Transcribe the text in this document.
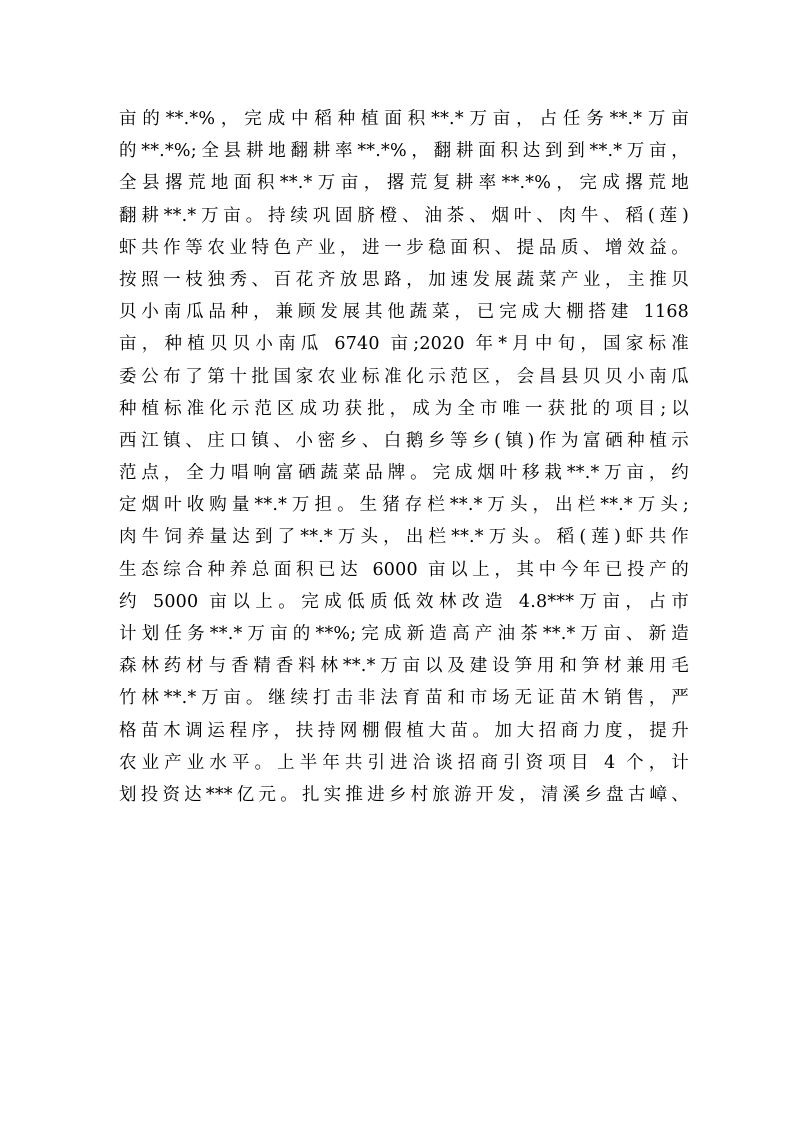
亩的**.*%，完成中稻种植面积**.*万亩，占任务**.*万亩
的**.*%;全县耕地翻耕率**.*%，翻耕面积达到到**.*万亩，
全县撂荒地面积**.*万亩，撂荒复耕率**.*%，完成撂荒地
翻耕**.*万亩。持续巩固脐橙、油茶、烟叶、肉牛、稻(莲)
虾共作等农业特色产业，进一步稳面积、提品质、增效益。
按照一枝独秀、百花齐放思路，加速发展蔬菜产业，主推贝
贝小南瓜品种，兼顾发展其他蔬菜，已完成大棚搭建 1168
亩，种植贝贝小南瓜 6740 亩;2020 年*月中旬，国家标准
委公布了第十批国家农业标准化示范区，会昌县贝贝小南瓜
种植标准化示范区成功获批，成为全市唯一获批的项目;以
西江镇、庄口镇、小密乡、白鹅乡等乡(镇)作为富硒种植示
范点，全力唱响富硒蔬菜品牌。完成烟叶移栽**.*万亩，约
定烟叶收购量**.*万担。生猪存栏**.*万头，出栏**.*万头;
肉牛饲养量达到了**.*万头，出栏**.*万头。稻(莲)虾共作
生态综合种养总面积已达 6000 亩以上，其中今年已投产的
约 5000 亩以上。完成低质低效林改造 4.8***万亩，占市
计划任务**.*万亩的**%;完成新造高产油茶**.*万亩、新造
森林药材与香精香料林**.*万亩以及建设笋用和笋材兼用毛
竹林**.*万亩。继续打击非法育苗和市场无证苗木销售，严
格苗木调运程序，扶持网棚假植大苗。加大招商力度，提升
农业产业水平。上半年共引进洽谈招商引资项目 4 个，计
划投资达***亿元。扎实推进乡村旅游开发，清溪乡盘古嶂、
